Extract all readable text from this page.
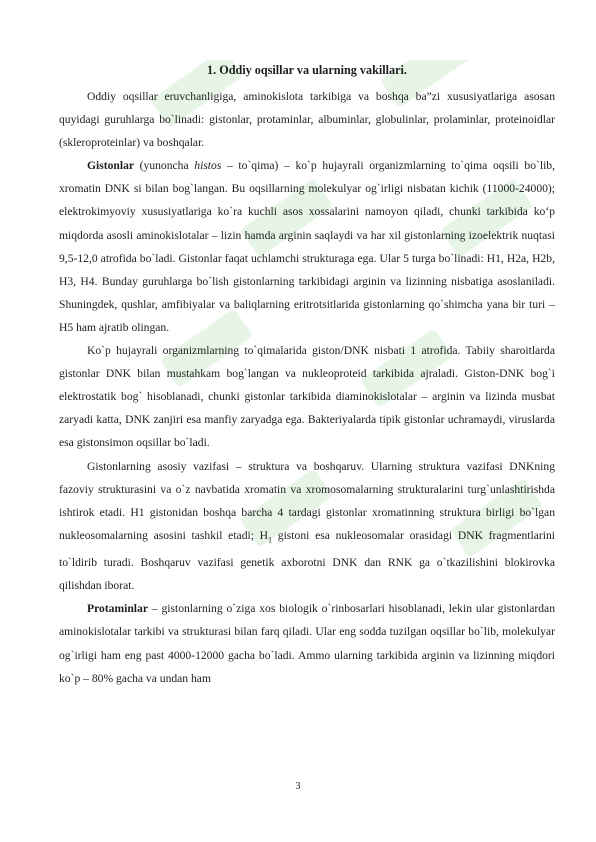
1. Oddiy oqsillar va ularning vakillari.

Oddiy oqsillar eruvchanligiga, aminokislota tarkibiga va boshqa ba”zi xususiyatlariga asosan quyidagi guruhlarga bo`linadi: gistonlar, protaminlar, albuminlar, globulinlar, prolaminlar, proteinoidlar (skleroproteinlar) va boshqalar.

Gistonlar (yunoncha histos – to`qima) – ko`p hujayrali organizmlarning to`qima oqsili bo`lib, xromatin DNK si bilan bog`langan. Bu oqsillarning molekulyar og`irligi nisbatan kichik (11000-24000); elektrokimyoviy xususiyatlariga ko`ra kuchli asos xossalarini namoyon qiladi, chunki tarkibida ko‘p miqdorda asosli aminokislotalar – lizin hamda arginin saqlaydi va har xil gistonlarning izoelektrik nuqtasi 9,5-12,0 atrofida bo`ladi. Gistonlar faqat uchlamchi strukturaga ega. Ular 5 turga bo`linadi: H1, H2a, H2b, H3, H4. Bunday guruhlarga bo`lish gistonlarning tarkibidagi arginin va lizinning nisbatiga asoslaniladi. Shuningdek, qushlar, amfibiyalar va baliqlarning eritrotsitlarida gistonlarning qo`shimcha yana bir turi – H5 ham ajratib olingan.

Ko`p hujayrali organizmlarning to`qimalarida giston/DNK nisbati 1 atrofida. Tabiiy sharoitlarda gistonlar DNK bilan mustahkam bog`langan va nukleoproteid tarkibida ajraladi. Giston-DNK bog`i elektrostatik bog` hisoblanadi, chunki gistonlar tarkibida diaminokislotalar – arginin va lizinda musbat zaryadi katta, DNK zanjiri esa manfiy zaryadga ega. Bakteriyalarda tipik gistonlar uchramaydi, viruslarda esa gistonsimon oqsillar bo`ladi.

Gistonlarning asosiy vazifasi – struktura va boshqaruv. Ularning struktura vazifasi DNKning fazoviy strukturasini va o`z navbatida xromatin va xromosomalarning strukturalarini turg`unlashtirishda ishtirok etadi. H1 gistonidan boshqa barcha 4 tardagi gistonlar xromatinning struktura birligi bo`lgan nukleosomalarning asosini tashkil etadi; $H_1$ gistoni esa nukleosomalar orasidagi DNK fragmentlarini to`ldirib turadi. Boshqaruv vazifasi genetik axborotni DNK dan RNK ga o`tkazilishini blokirovka qilishdan iborat.

Protaminlar – gistonlarning o`ziga xos biologik o`rinbosarlari hisoblanadi, lekin ular gistonlardan aminokislotalar tarkibi va strukturasi bilan farq qiladi. Ular eng sodda tuzilgan oqsillar bo`lib, molekulyar og`irligi ham eng past 4000-12000 gacha bo`ladi. Ammo ularning tarkibida arginin va lizinning miqdori ko`p – 80% gacha va undan ham

3
